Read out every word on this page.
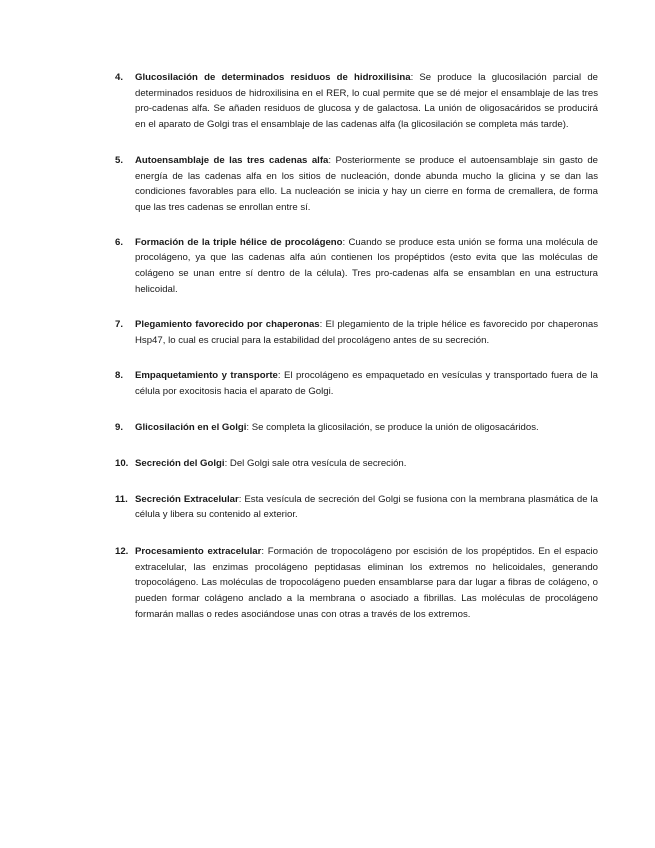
4. Glucosilación de determinados residuos de hidroxilisina: Se produce la glucosilación parcial de determinados residuos de hidroxilisina en el RER, lo cual permite que se dé mejor el ensamblaje de las tres pro-cadenas alfa. Se añaden residuos de glucosa y de galactosa. La unión de oligosacáridos se producirá en el aparato de Golgi tras el ensamblaje de las cadenas alfa (la glicosilación se completa más tarde).
5. Autoensamblaje de las tres cadenas alfa: Posteriormente se produce el autoensamblaje sin gasto de energía de las cadenas alfa en los sitios de nucleación, donde abunda mucho la glicina y se dan las condiciones favorables para ello. La nucleación se inicia y hay un cierre en forma de cremallera, de forma que las tres cadenas se enrollan entre sí.
6. Formación de la triple hélice de procolágeno: Cuando se produce esta unión se forma una molécula de procolágeno, ya que las cadenas alfa aún contienen los propéptidos (esto evita que las moléculas de colágeno se unan entre sí dentro de la célula). Tres pro-cadenas alfa se ensamblan en una estructura helicoidal.
7. Plegamiento favorecido por chaperonas: El plegamiento de la triple hélice es favorecido por chaperonas Hsp47, lo cual es crucial para la estabilidad del procolágeno antes de su secreción.
8. Empaquetamiento y transporte: El procolágeno es empaquetado en vesículas y transportado fuera de la célula por exocitosis hacia el aparato de Golgi.
9. Glicosilación en el Golgi: Se completa la glicosilación, se produce la unión de oligosacáridos.
10. Secreción del Golgi: Del Golgi sale otra vesícula de secreción.
11. Secreción Extracelular: Esta vesícula de secreción del Golgi se fusiona con la membrana plasmática de la célula y libera su contenido al exterior.
12. Procesamiento extracelular: Formación de tropocolágeno por escisión de los propéptidos. En el espacio extracelular, las enzimas procolágeno peptidasas eliminan los extremos no helicoidales, generando tropocolágeno. Las moléculas de tropocolágeno pueden ensamblarse para dar lugar a fibras de colágeno, o pueden formar colágeno anclado a la membrana o asociado a fibrillas. Las moléculas de procolágeno formarán mallas o redes asociándose unas con otras a través de los extremos.
